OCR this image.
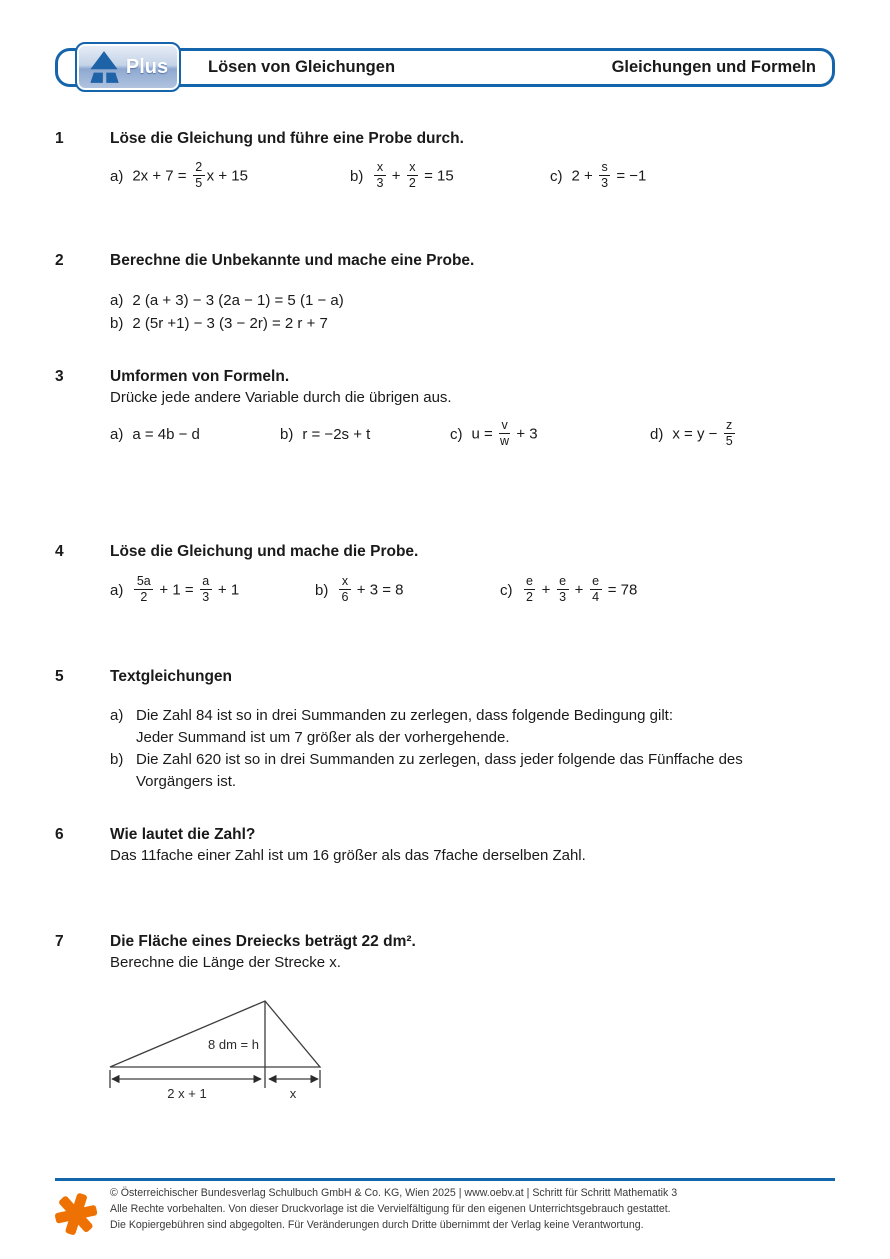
Lösen von Gleichungen	Gleichungen und Formeln
Plus
1	Löse die Gleichung und führe eine Probe durch.
a) $2x + 7 = \frac{2}{5}$ x + 15	$b) \frac{x}{3} + \frac{x}{2} = 15$	c) $2 + \frac{s}{3} = -1$
2	Berechne die Unbekannte und mache eine Probe.
a) 2 (a + 3) − 3 (2a − 1) = 5 (1 − a)
b) 2 (5r +1) − 3 (3 − 2r) = 2 r + 7
3	Umformen von Formeln.
Drücke jede andere Variable durch die übrigen aus.
a) a = 4b − d	b) r = −2s + t	c) $u = \frac{v}{w} + 3$	d) $x = y - \frac{z}{5}$
4	Löse die Gleichung und mache die Probe.
$a) \frac{5a}{2} + 1 = \frac{a}{3} + 1$	$b) \frac{x}{6} + 3 = 8$	$c) \frac{e}{2} + \frac{e}{3} + \frac{e}{4} = 78$
5	Textgleichungen
a) Die Zahl 84 ist so in drei Summanden zu zerlegen, dass folgende Bedingung gilt:
Jeder Summand ist um 7 größer als der vorhergehende.
b) Die Zahl 620 ist so in drei Summanden zu zerlegen, dass jeder folgende das Fünffache des
Vorgängers ist.
6	Wie lautet die Zahl?
Das 11fache einer Zahl ist um 16 größer als das 7fache derselben Zahl.
7	Die Fläche eines Dreiecks beträgt 22 dm².
Berechne die Länge der Strecke x.
8 dm = h
2 x + 1	x
© Österreichischer Bundesverlag Schulbuch GmbH & Co. KG, Wien 2025 | www.oebv.at | Schritt für Schritt Mathematik 3
Alle Rechte vorbehalten. Von dieser Druckvorlage ist die Vervielfältigung für den eigenen Unterrichtsgebrauch gestattet.
Die Kopiergebühren sind abgegolten. Für Veränderungen durch Dritte übernimmt der Verlag keine Verantwortung.
